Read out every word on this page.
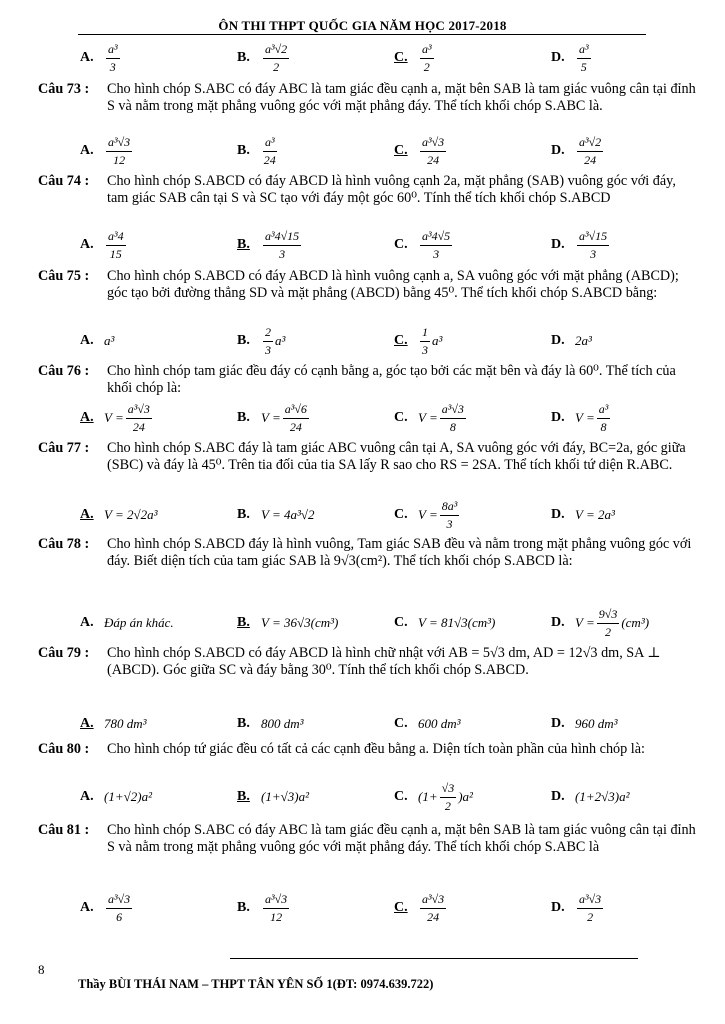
ÔN THI THPT QUỐC GIA NĂM HỌC 2017-2018
A.	$\frac{\text{a³}}{3}$	B.	$\frac{\text{a³√2}}{2}$	C.	$\frac{\text{a³}}{2}$	D.	$\frac{\text{a³}}{5}$
Câu 73 : Cho hình chóp S.ABC có đáy ABC là tam giác đều cạnh a, mặt bên SAB là tam giác vuông cân tại đỉnh S và nằm trong mặt phẳng vuông góc với mặt phẳng đáy. Thể tích khối chóp S.ABC là.
A.	$\frac{\text{a³√3}}{12}$	B.	$\frac{\text{a³}}{24}$	C.	$\frac{\text{a³√3}}{24}$	D.	$\frac{\text{a³√2}}{24}$
Câu 74 : Cho hình chóp S.ABCD có đáy ABCD là hình vuông cạnh 2a, mặt phẳng (SAB) vuông góc với đáy, tam giác SAB cân tại S và SC tạo với đáy một góc 60⁰. Tính thể tích khối chóp S.ABCD
A.	$\frac{\text{a³4}}{15}$	B.	$\frac{\text{a³4√15}}{3}$	C.	$\frac{\text{a³4√5}}{3}$	D.	$\frac{\text{a³√15}}{3}$
Câu 75 : Cho hình chóp S.ABCD có đáy ABCD là hình vuông cạnh a, SA vuông góc với mặt phẳng (ABCD); góc tạo bởi đường thẳng SD và mặt phẳng (ABCD) bằng 45⁰. Thể tích khối chóp S.ABCD bằng:
A. a³	B.	$\frac{2}{3} a^3$	C.	$\frac{1}{3} a^3$	D. 2a³
Câu 76 : Cho hình chóp tam giác đều đáy có cạnh bằng a, góc tạo bởi các mặt bên và đáy là 60⁰. Thể tích của khối chóp là:
A. $V = \frac{\text{a³√3}}{24}$	B. $V = \frac{\text{a³√6}}{24}$	C. $V = \frac{\text{a³√3}}{8}$	D. $V = \frac{\text{a³}}{8}$
Câu 77 : Cho hình chóp S.ABC đáy là tam giác ABC vuông cân tại A, SA vuông góc với đáy, BC=2a, góc giữa (SBC) và đáy là 45⁰. Trên tia đối của tia SA lấy R sao cho RS = 2SA. Thể tích khối tứ diện R.ABC.
A. V = 2√2a³	B. V = 4a³√2	C. $V = \frac{\text{8a³}}{3}$	D. V = 2a³
Câu 78 : Cho hình chóp S.ABCD đáy là hình vuông, Tam giác SAB đều và nằm trong mặt phẳng vuông góc với đáy. Biết diện tích của tam giác SAB là 9√3(cm²). Thể tích khối chóp S.ABCD là:
A. Đáp án khác.	B. V = 36√3(cm³)	C. V = 81√3(cm³)	D. $V = \frac{9√3}{2} (cm^3)$
Câu 79 : Cho hình chóp S.ABCD có đáy ABCD là hình chữ nhật với AB = 5√3 dm, AD = 12√3 dm, SA ⊥ (ABCD). Góc giữa SC và đáy bằng 30⁰. Tính thể tích khối chóp S.ABCD.
A. 780 dm³	B. 800 dm³	C. 600 dm³	D. 960 dm³
Câu 80 : Cho hình chóp tứ giác đều có tất cả các cạnh đều bằng a. Diện tích toàn phần của hình chóp là:
A. (1+√2)a²	B. (1+√3)a²	C. $(1+ \frac{√3}{2} )a^2$	D. (1+2√3)a²
Câu 81 : Cho hình chóp S.ABC có đáy ABC là tam giác đều cạnh a, mặt bên SAB là tam giác vuông cân tại đỉnh S và nằm trong mặt phẳng vuông góc với mặt phẳng đáy. Thể tích khối chóp S.ABC là
A.	$\frac{\text{a³√3}}{6}$	B.	$\frac{\text{a³√3}}{12}$	C.	$\frac{\text{a³√3}}{24}$	D.	$\frac{\text{a³√3}}{2}$
8
Thầy BÙI THÁI NAM – THPT TÂN YÊN SỐ 1(ĐT: 0974.639.722)
